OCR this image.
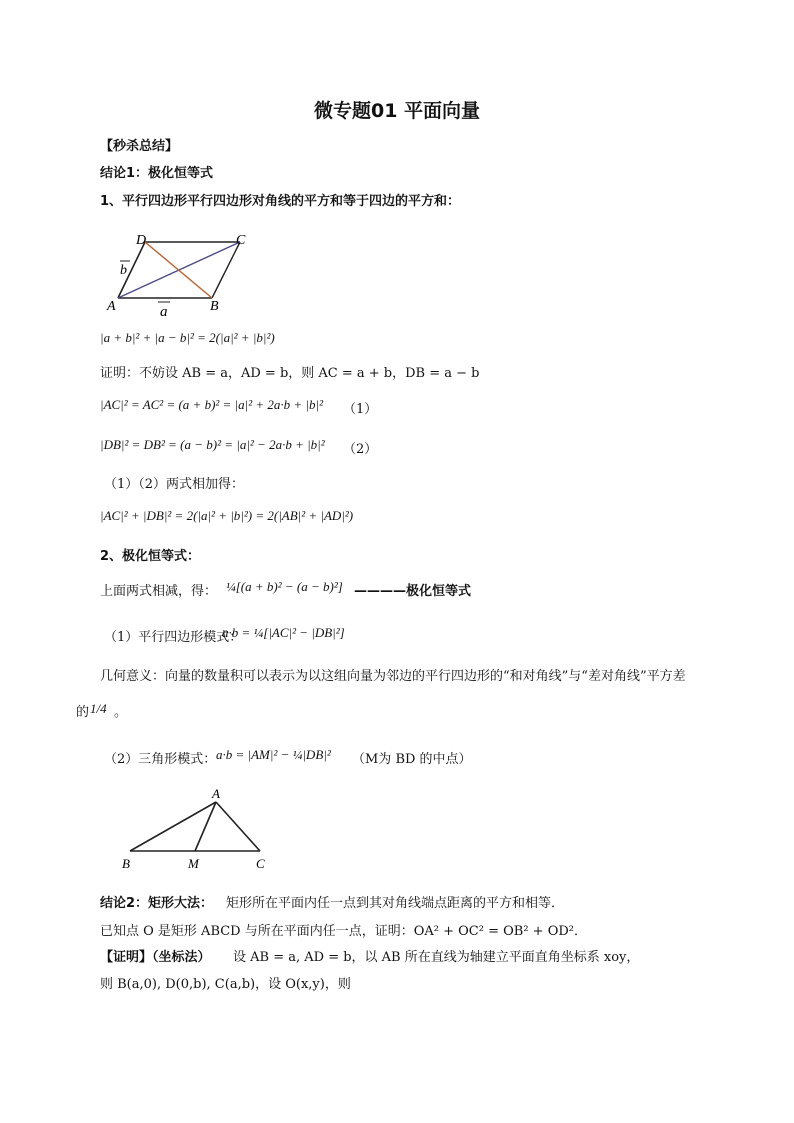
微专题01 平面向量
【秒杀总结】
结论1：极化恒等式
1、平行四边形平行四边形对角线的平方和等于四边的平方和：
D	C
A	B
b
a
|a + b|² + |a − b|² = 2(|a|² + |b|²)
证明：不妨设 AB = a，AD = b，则 AC = a + b，DB = a − b
|AC|² = AC² = (a + b)² = |a|² + 2a·b + |b|² （1）
|DB|² = DB² = (a − b)² = |a|² − 2a·b + |b|² （2）
（1）（2）两式相加得：
|AC|² + |DB|² = 2(|a|² + |b|²) = 2(|AB|² + |AD|²)
2、极化恒等式：
上面两式相减，得： ¼[(a + b)² − (a − b)²] ————极化恒等式
（1）平行四边形模式：
a·b = ¼[|AC|² − |DB|²]
几何意义：向量的数量积可以表示为以这组向量为邻边的平行四边形的“和对角线”与“差对角线”平方差
的 1/4 。
（2）三角形模式： a·b = |AM|² − ¼|DB|² （M为 BD 的中点）
A
B	M	C
结论2：矩形大法： 矩形所在平面内任一点到其对角线端点距离的平方和相等．
已知点 O 是矩形 ABCD 与所在平面内任一点，证明：OA² + OC² = OB² + OD²．
【证明】（坐标法） 设 AB = a, AD = b，以 AB 所在直线为轴建立平面直角坐标系 xoy，
则 B(a,0), D(0,b), C(a,b)，设 O(x,y)，则
